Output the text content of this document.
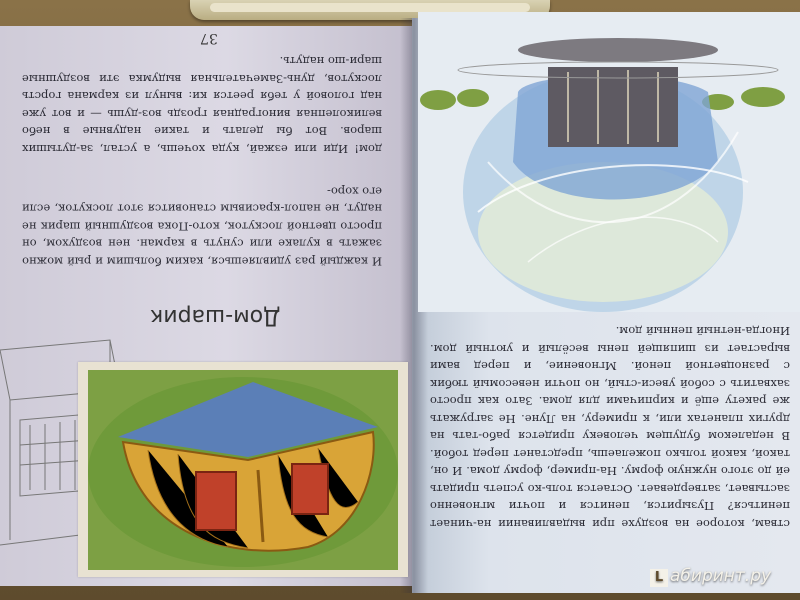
37
дом! Иди или езжай, куда хочешь, а устал, за-дутыших шаров. Вот бы делать и такие надувные в небо великолепная виноградная гроздь воз-душь — и вот уже над головой у тебя реется ки: вынул из кармана горсть лоскутов, дунь-Замечательная выдумка эти воздушные шари-шо надуть.
И каждый раз удивляешься, каким большим и рый можно зажать в кулаке или сунуть в карман. нен воздухом, он просто цветной лоскуток, кото-Пока воздушный шарик не надут, не напол-красивым становится этот лоскуток, если его хоро-
Дом-шарик
ствам, которое на воздухе при выдавливании на-чинает пениться? Пузырится, пенится и почти мгновенно застывает, затвердевает. Остается толь-ко успеть придать ей до этого нужную форму. На-пример, форму дома. И он, такой, какой только пожелаешь, предстанет перед тобой. В недалеком будущем человеку придется рабо-тать на других планетах или, к примеру, на Луне. Не загружать же ракету ещё и кирпичами для дома. Зато как просто захватить с собой увеси-стый, но почти невесомый тюбик с разноцветной пеной. Мгновение, и перед вами вырастает из шипящей пены весёлый и уютный дом. Иногда-нетный пенный дом.
L абиринт.ру
